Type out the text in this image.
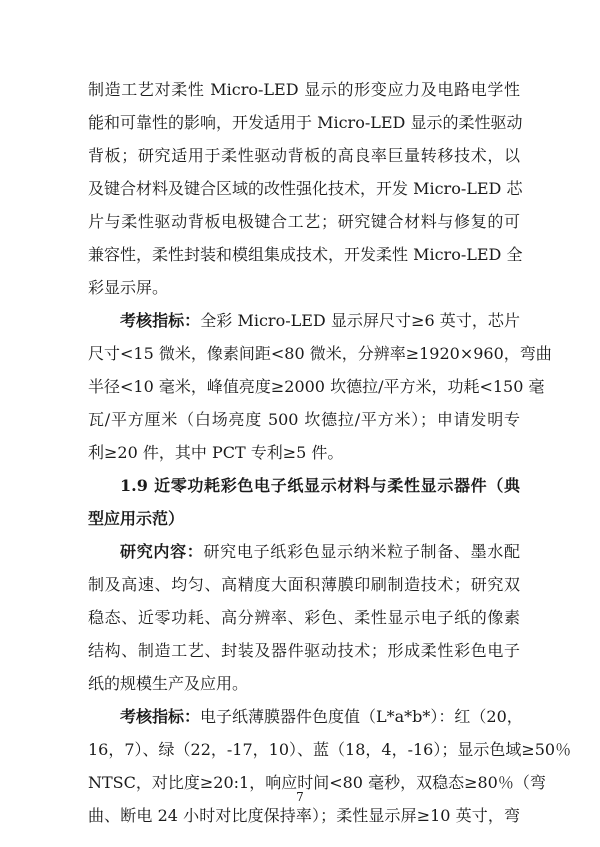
制造工艺对柔性 Micro-LED 显示的形变应力及电路电学性
能和可靠性的影响，开发适用于 Micro-LED 显示的柔性驱动
背板；研究适用于柔性驱动背板的高良率巨量转移技术，以
及键合材料及键合区域的改性强化技术，开发 Micro-LED 芯
片与柔性驱动背板电极键合工艺；研究键合材料与修复的可
兼容性，柔性封装和模组集成技术，开发柔性 Micro-LED 全
彩显示屏。
考核指标：全彩 Micro-LED 显示屏尺寸≥6 英寸，芯片
尺寸<15 微米，像素间距<80 微米，分辨率≥1920×960，弯曲
半径<10 毫米，峰值亮度≥2000 坎德拉/平方米，功耗<150 毫
瓦/平方厘米（白场亮度 500 坎德拉/平方米）；申请发明专
利≥20 件，其中 PCT 专利≥5 件。
1.9 近零功耗彩色电子纸显示材料与柔性显示器件（典
型应用示范）
研究内容：研究电子纸彩色显示纳米粒子制备、墨水配
制及高速、均匀、高精度大面积薄膜印刷制造技术；研究双
稳态、近零功耗、高分辨率、彩色、柔性显示电子纸的像素
结构、制造工艺、封装及器件驱动技术；形成柔性彩色电子
纸的规模生产及应用。
考核指标：电子纸薄膜器件色度值（L*a*b*）：红（20，
16，7）、绿（22，-17，10）、蓝（18，4，-16）；显示色域≥50％
NTSC，对比度≥20:1，响应时间<80 毫秒，双稳态≥80％（弯
曲、断电 24 小时对比度保持率）；柔性显示屏≥10 英寸，弯
7
